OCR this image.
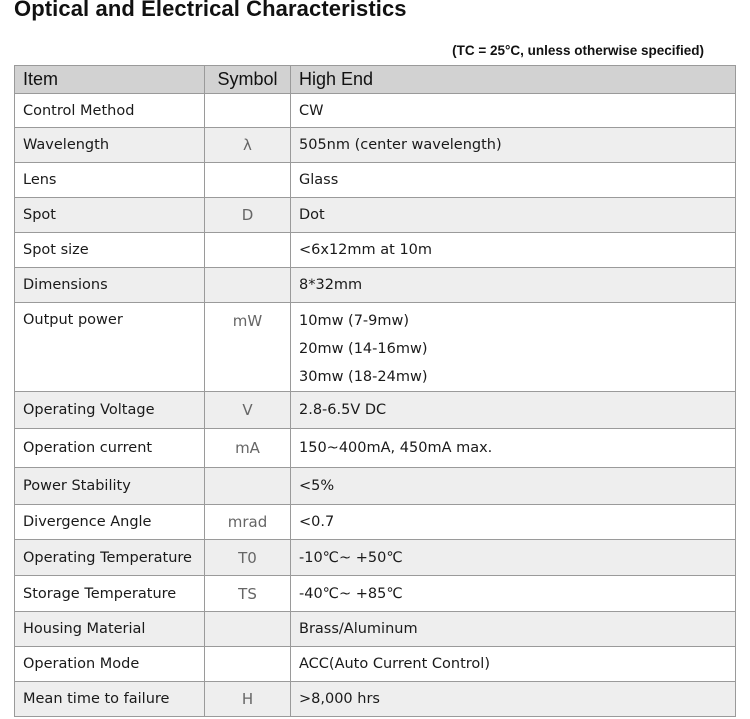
Optical and Electrical Characteristics
(TC = 25°C, unless otherwise specified)
Item	Symbol	High End
Control Method		CW
Wavelength	λ	505nm (center wavelength)
Lens		Glass
Spot	D	Dot
Spot size		<6x12mm at 10m
Dimensions		8*32mm
Output power	mW	10mw (7-9mw)
20mw (14-16mw)
30mw (18-24mw)

Operating Voltage	V	2.8-6.5V DC
Operation current	mA	150~400mA, 450mA max.
Power Stability		<5%
Divergence Angle	mrad	<0.7
Operating Temperature	T0	-10℃~ +50℃
Storage Temperature	TS	-40℃~ +85℃
Housing Material		Brass/Aluminum
Operation Mode		ACC(Auto Current Control)
Mean time to failure	H	>8,000 hrs
